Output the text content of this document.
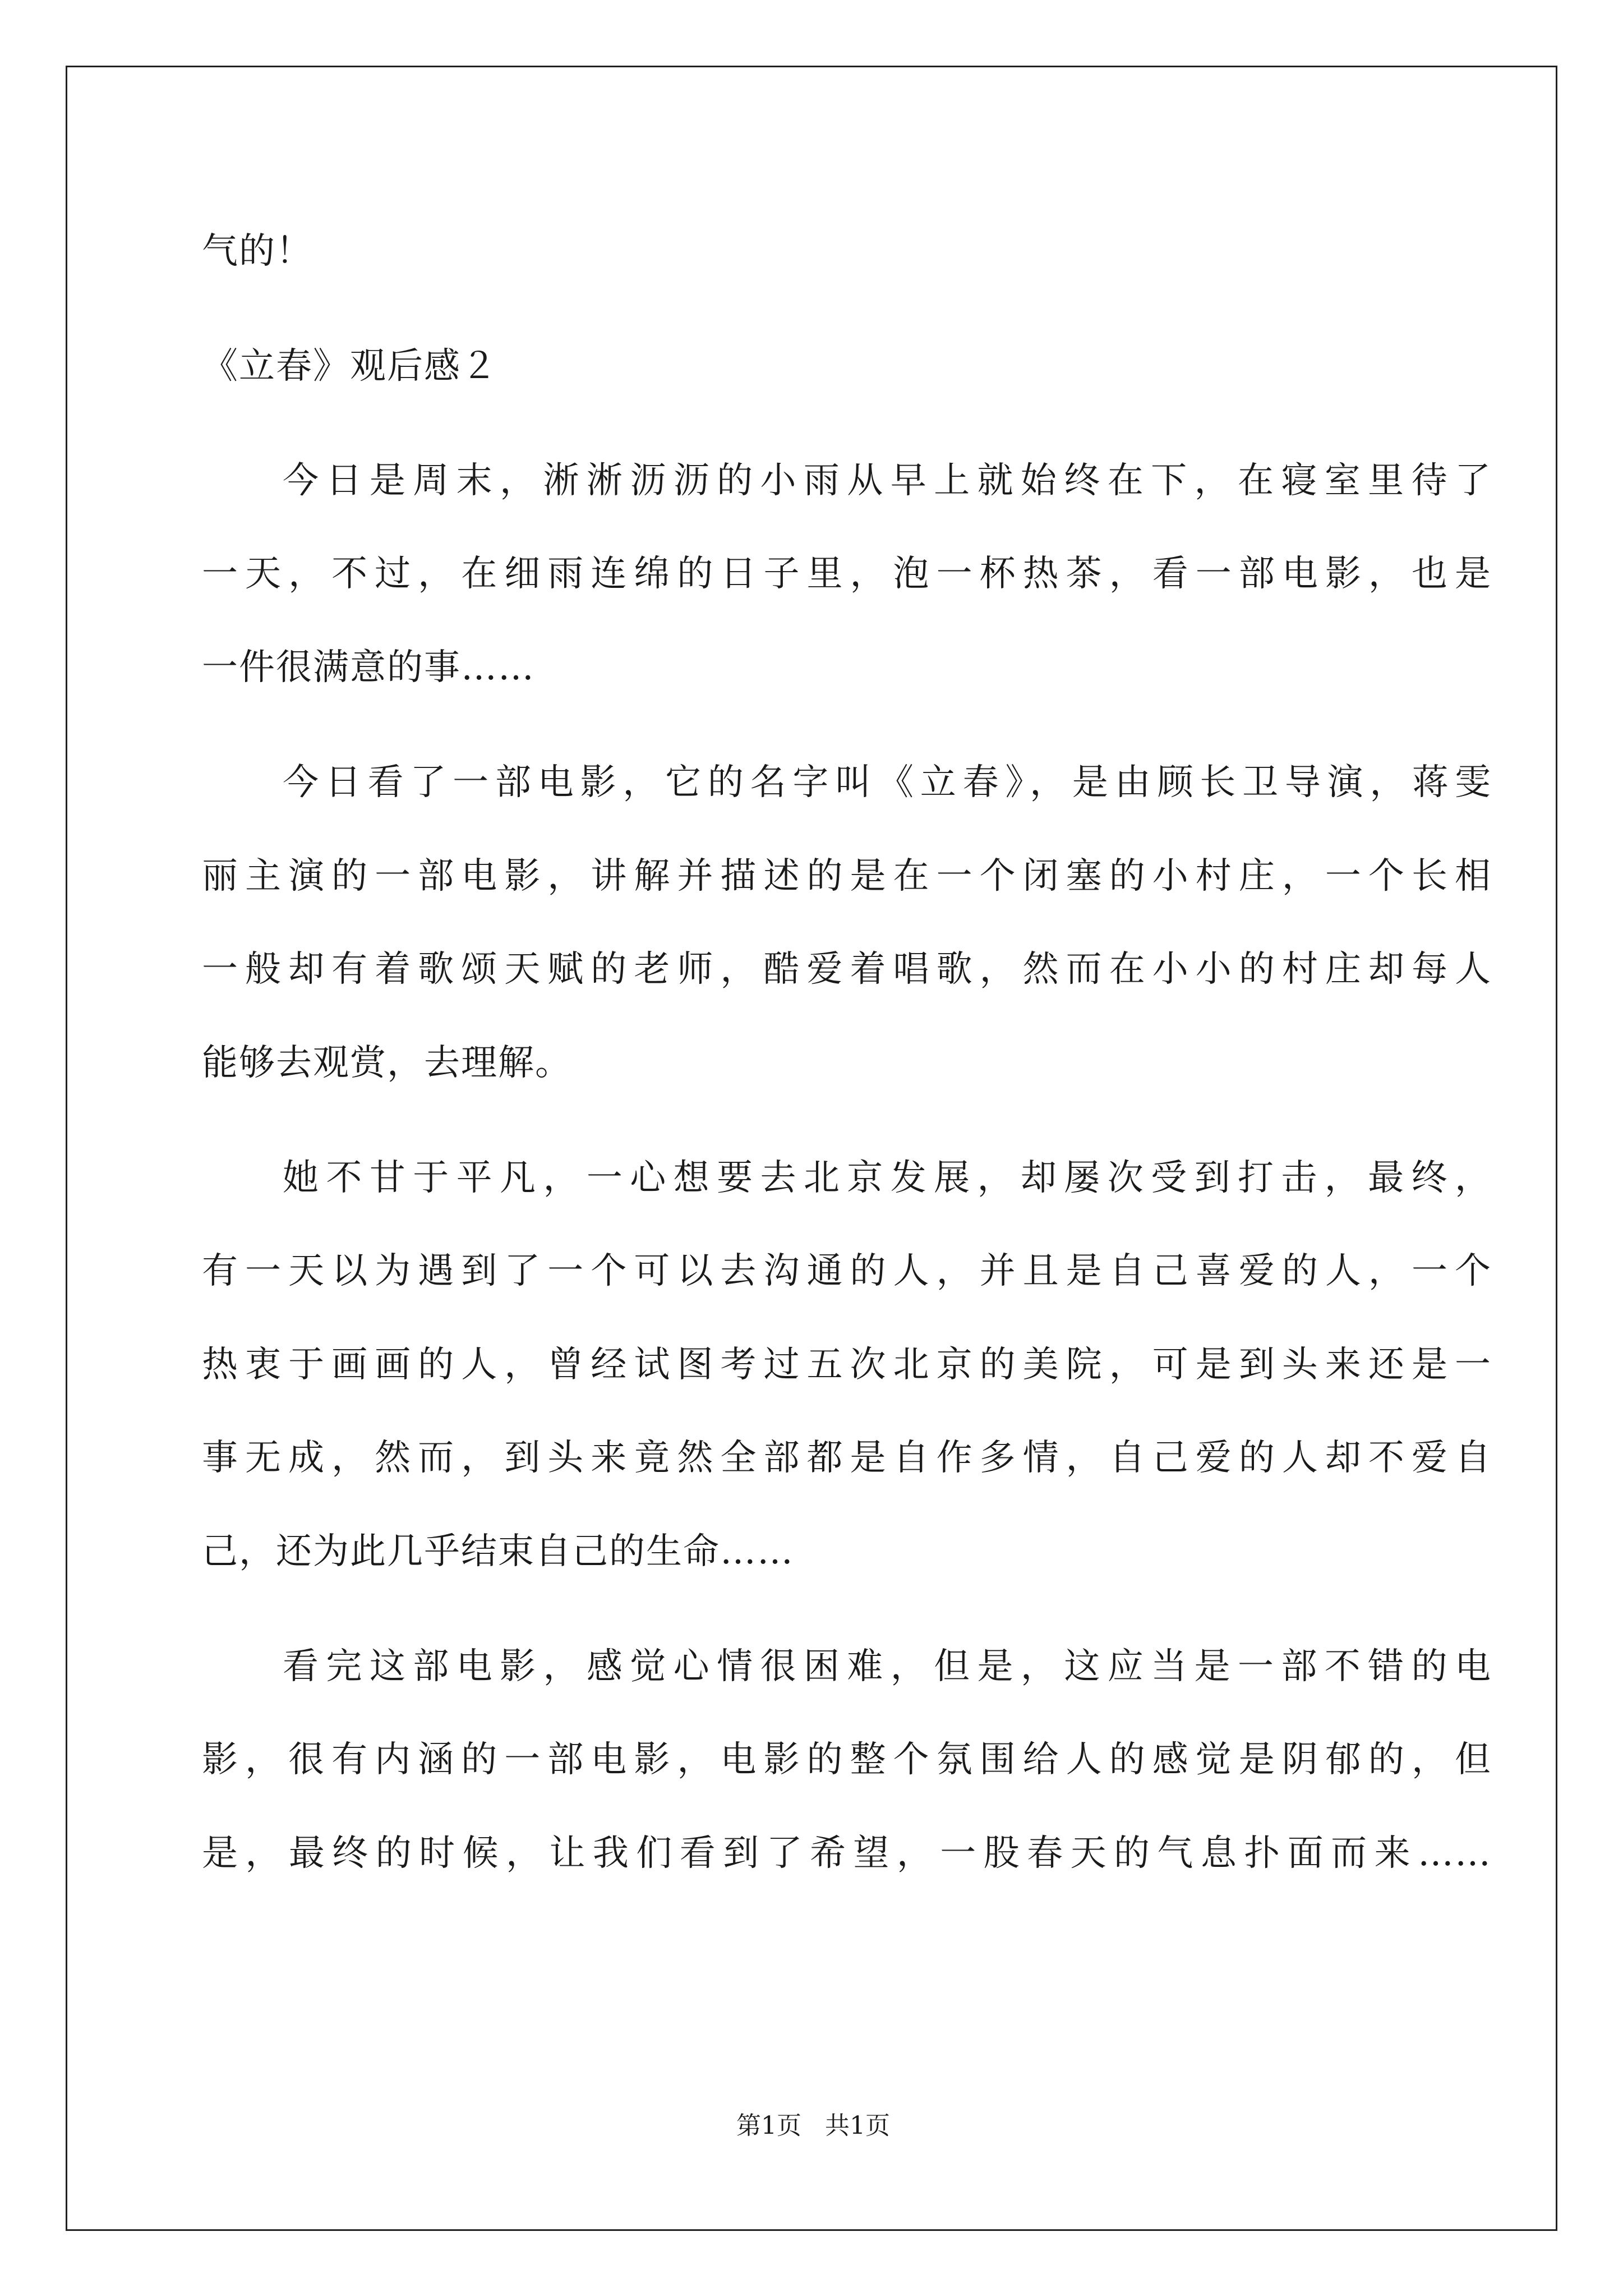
气的！

《立春》观后感２

今日是周末，淅淅沥沥的小雨从早上就始终在下，在寝室里待了

一天，不过，在细雨连绵的日子里，泡一杯热茶，看一部电影，也是

一件很满意的事……

今日看了一部电影，它的名字叫《立春》，是由顾长卫导演，蒋雯

丽主演的一部电影，讲解并描述的是在一个闭塞的小村庄，一个长相

一般却有着歌颂天赋的老师，酷爱着唱歌，然而在小小的村庄却每人

能够去观赏，去理解。

她不甘于平凡，一心想要去北京发展，却屡次受到打击，最终，

有一天以为遇到了一个可以去沟通的人，并且是自己喜爱的人，一个

热衷于画画的人，曾经试图考过五次北京的美院，可是到头来还是一

事无成，然而，到头来竟然全部都是自作多情，自己爱的人却不爱自

己，还为此几乎结束自己的生命……

看完这部电影，感觉心情很困难，但是，这应当是一部不错的电

影，很有内涵的一部电影，电影的整个氛围给人的感觉是阴郁的，但

是，最终的时候，让我们看到了希望，一股春天的气息扑面而来……

第1页 共1页
